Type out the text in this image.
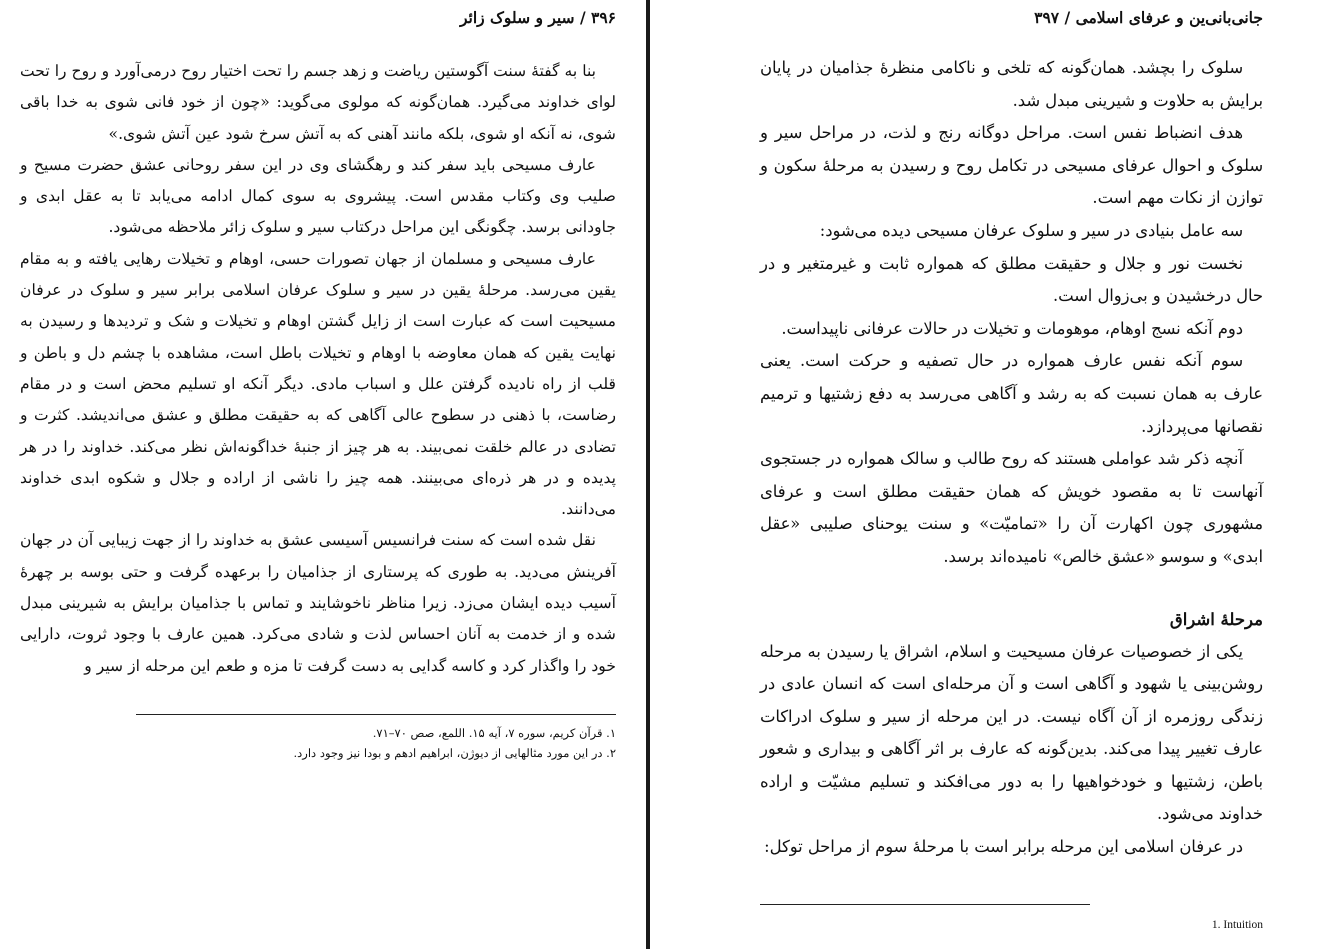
۳۹۶ / سیر و سلوک زائر

بنا به گفتهٔ سنت آگوستین ریاضت و زهد جسم را تحت اختیار روح درمی‌آورد و روح را تحت لوای خداوند می‌گیرد. همان‌گونه که مولوی می‌گوید: «چون از خود فانی شوی به خدا باقی شوی، نه آنکه او شوی، بلکه مانند آهنی که به آتش سرخ شود عین آتش شوی.»

عارف مسیحی باید سفر کند و رهگشای وی در این سفر روحانی عشق حضرت مسیح و صلیب وی وکتاب مقدس است. پیشروی به سوی کمال ادامه می‌یابد تا به عقل ابدی و جاودانی برسد. چگونگی این مراحل درکتاب سیر و سلوک زائر ملاحظه می‌شود.

عارف مسیحی و مسلمان از جهان تصورات حسی، اوهام و تخیلات رهایی یافته و به مقام یقین می‌رسد. مرحلهٔ یقین در سیر و سلوک عرفان اسلامی برابر سیر و سلوک در عرفان مسیحیت است که عبارت است از زایل گشتن اوهام و تخیلات و شک و تردیدها و رسیدن به نهایت یقین که همان معاوضه با اوهام و تخیلات باطل است، مشاهده با چشم دل و باطن و قلب از راه نادیده گرفتن علل و اسباب مادی. دیگر آنکه او تسلیم محض است و در مقام رضاست، با ذهنی در سطوح عالی آگاهی که به حقیقت مطلق و عشق می‌اندیشد. کثرت و تضادی در عالم خلقت نمی‌بیند. به هر چیز از جنبهٔ خداگونه‌اش نظر می‌کند. خداوند را در هر پدیده و در هر ذره‌ای می‌بینند. همه چیز را ناشی از اراده و جلال و شکوه ابدی خداوند می‌دانند.

نقل شده است که سنت فرانسیس آسیسی عشق به خداوند را از جهت زیبایی آن در جهان آفرینش می‌دید. به طوری که پرستاری از جذامیان را برعهده گرفت و حتی بوسه بر چهرهٔ آسیب دیده ایشان می‌زد. زیرا مناظر ناخوشایند و تماس با جذامیان برایش به شیرینی مبدل شده و از خدمت به آنان احساس لذت و شادی می‌کرد. همین عارف با وجود ثروت، دارایی خود را واگذار کرد و کاسه گدایی به دست گرفت تا مزه و طعم این مرحله از سیر و

۱. قرآن کریم، سوره ۷، آیه ۱۵. اللمع، صص ۷۰–۷۱.
۲. در این مورد مثالهایی از دیوژن، ابراهیم ادهم و بودا نیز وجود دارد.
جانی‌بانی‌ین و عرفای اسلامی / ۳۹۷

سلوک را بچشد. همان‌گونه که تلخی و ناکامی منظرهٔ جذامیان در پایان برایش به حلاوت و شیرینی مبدل شد.

هدف انضباط نفس است. مراحل دوگانه رنج و لذت، در مراحل سیر و سلوک و احوال عرفای مسیحی در تکامل روح و رسیدن به مرحلهٔ سکون و توازن از نکات مهم است.

سه عامل بنیادی در سیر و سلوک عرفان مسیحی دیده می‌شود:

نخست نور و جلال و حقیقت مطلق که همواره ثابت و غیرمتغیر و در حال درخشیدن و بی‌زوال است.

دوم آنکه نسج اوهام، موهومات و تخیلات در حالات عرفانی ناپیداست.

سوم آنکه نفس عارف همواره در حال تصفیه و حرکت است. یعنی عارف به همان نسبت که به رشد و آگاهی می‌رسد به دفع زشتیها و ترمیم نقصانها می‌پردازد.

آنچه ذکر شد عواملی هستند که روح طالب و سالک همواره در جستجوی آنهاست تا به مقصود خویش که همان حقیقت مطلق است و عرفای مشهوری چون اکهارت آن را «تمامیّت» و سنت یوحنای صلیبی «عقل ابدی» و سوسو «عشق خالص» نامیده‌اند برسد.

مرحلهٔ اشراق

یکی از خصوصیات عرفان مسیحیت و اسلام، اشراق یا رسیدن به مرحله روشن‌بینی یا شهود و آگاهی است و آن مرحله‌ای است که انسان عادی در زندگی روزمره از آن آگاه نیست. در این مرحله از سیر و سلوک ادراکات عارف تغییر پیدا می‌کند. بدین‌گونه که عارف بر اثر آگاهی و بیداری و شعور باطن، زشتیها و خودخواهیها را به دور می‌افکند و تسلیم مشیّت و اراده خداوند می‌شود.

در عرفان اسلامی این مرحله برابر است با مرحلهٔ سوم از مراحل توکل:

1. Intuition
